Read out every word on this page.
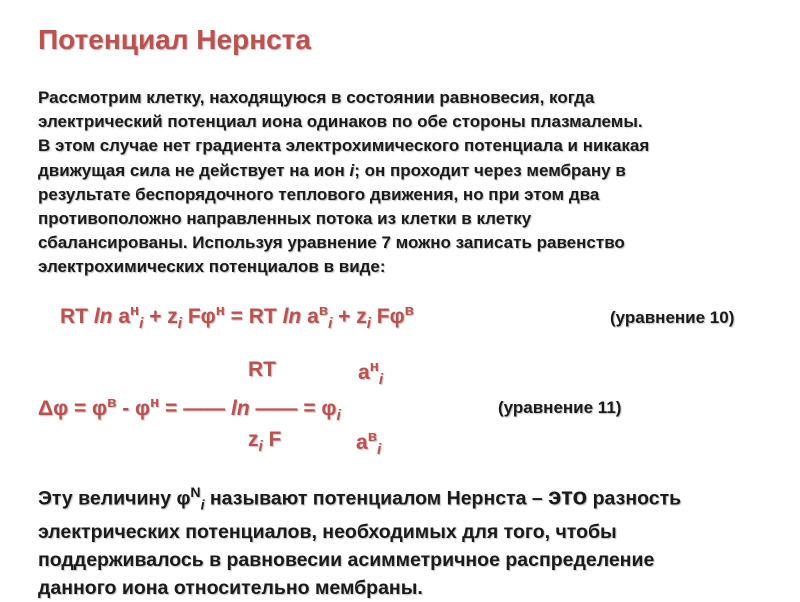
Потенциал Нернста
Рассмотрим клетку, находящуюся в состоянии равновесия, когда
электрический потенциал иона одинаков по обе стороны плазмалемы.
В этом случае нет градиента электрохимического потенциала и никакая
движущая сила не действует на ион i; он проходит через мембрану в
результате беспорядочного теплового движения, но при этом два
противоположно направленных потока из клетки в клетку
сбалансированы. Используя уравнение 7 можно записать равенство
электрохимических потенциалов в виде:
RT $\ln a^н_i + z_i$ $F\varphi^н$ = RT $\ln a^в_i + z_i$ $F\varphi^в$	(уравнение 10)
RT	$a^н_i$
$\Delta\varphi = \varphi^в - \varphi^н$ = —— ln —— = $\varphi_i$	(уравнение 11)
$z_i$ F	$a^в_i$
Эту величину $\varphi^N_i$ называют потенциалом Нернста – это разность
электрических потенциалов, необходимых для того, чтобы
поддерживалось в равновесии асимметричное распределение
данного иона относительно мембраны.
